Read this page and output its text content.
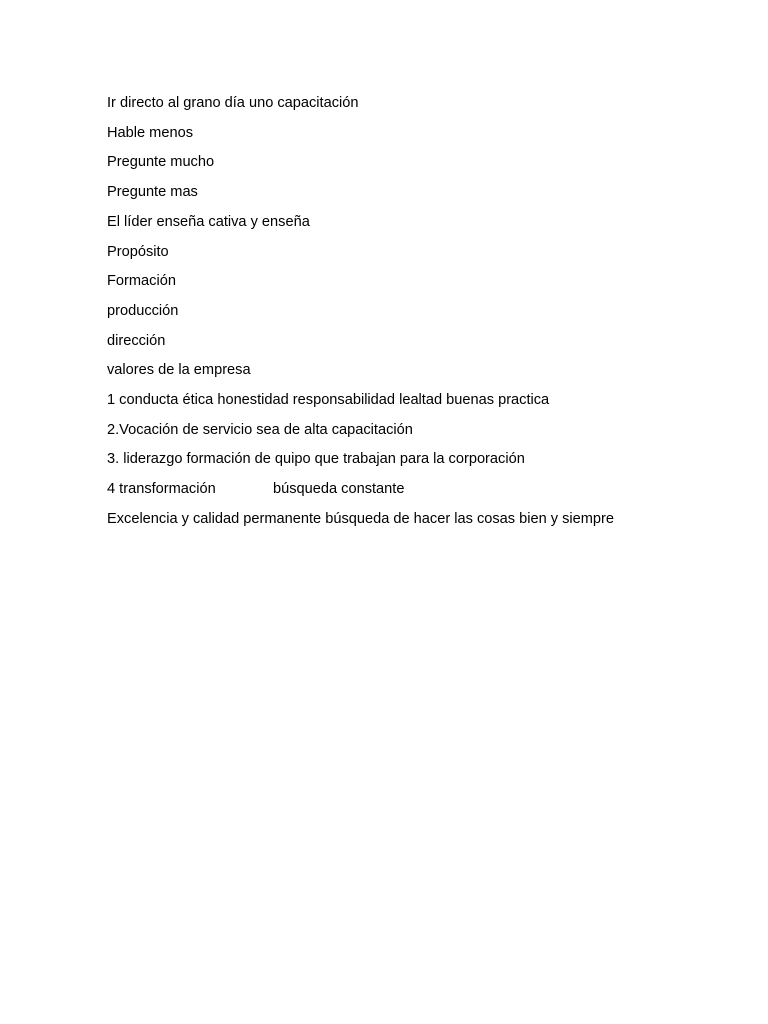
Ir directo al grano día uno capacitación

Hable menos

Pregunte mucho

Pregunte mas

El líder enseña cativa y enseña

Propósito

Formación

producción

dirección

valores de la empresa

1 conducta ética honestidad responsabilidad lealtad buenas practica

2.Vocación de servicio sea de alta capacitación

3. liderazgo formación de quipo que trabajan para la corporación

4 transformación	búsqueda constante

Excelencia y calidad permanente búsqueda de hacer las cosas bien y siempre
